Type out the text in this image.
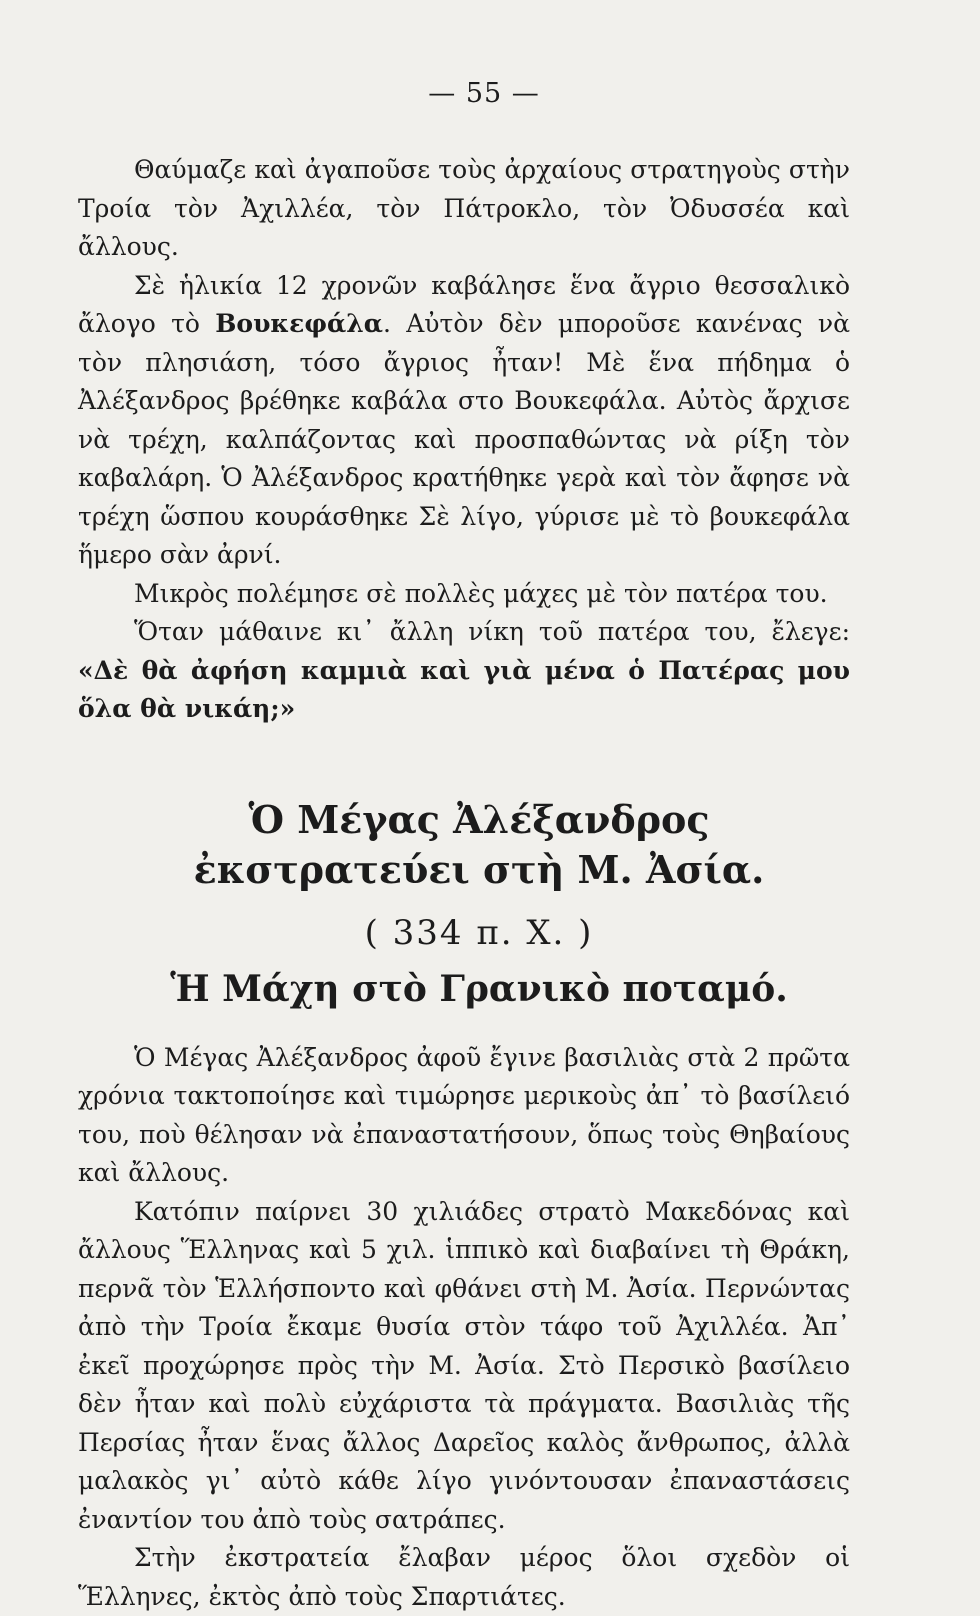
— 55 —

Θαύμαζε καὶ ἀγαποῦσε τοὺς ἀρχαίους στρατηγοὺς στὴν Τροία τὸν Ἀχιλλέα, τὸν Πάτροκλο, τὸν Ὀδυσσέα καὶ ἄλλους.

Σὲ ἡλικία 12 χρονῶν καβάλησε ἕνα ἄγριο θεσσαλικὸ ἄλογο τὸ Βουκεφάλα. Αὐτὸν δὲν μποροῦσε κανένας νὰ τὸν πλησιάση, τόσο ἄγριος ἦταν! Μὲ ἕνα πήδημα ὁ Ἀλέξανδρος βρέθηκε καβάλα στο Βουκεφάλα. Αὐτὸς ἄρχισε νὰ τρέχη, καλπάζοντας καὶ προσπαθώντας νὰ ρίξη τὸν καβαλάρη. Ὁ Ἀλέξανδρος κρατήθηκε γερὰ καὶ τὸν ἄφησε νὰ τρέχη ὥσπου κουράσθηκε Σὲ λίγο, γύρισε μὲ τὸ βουκεφάλα ἥμερο σὰν ἀρνί.

Μικρὸς πολέμησε σὲ πολλὲς μάχες μὲ τὸν πατέρα του.

Ὅταν μάθαινε κι᾿ ἄλλη νίκη τοῦ πατέρα του, ἔλεγε: «Δὲ θὰ ἀφήση καμμιὰ καὶ γιὰ μένα ὁ Πατέρας μου ὅλα θὰ νικάη;»

Ὁ Μέγας Ἀλέξανδρος
ἐκστρατεύει στὴ Μ. Ἀσία.
( 334 π. Χ. )
Ἡ Μάχη στὸ Γρανικὸ ποταμό.

Ὁ Μέγας Ἀλέξανδρος ἀφοῦ ἔγινε βασιλιὰς στὰ 2 πρῶτα χρόνια τακτοποίησε καὶ τιμώρησε μερικοὺς ἀπ᾿ τὸ βασίλειό του, ποὺ θέλησαν νὰ ἐπαναστατήσουν, ὅπως τοὺς Θηβαίους καὶ ἄλλους.

Κατόπιν παίρνει 30 χιλιάδες στρατὸ Μακεδόνας καὶ ἄλλους Ἕλληνας καὶ 5 χιλ. ἱππικὸ καὶ διαβαίνει τὴ Θράκη, περνᾶ τὸν Ἑλλήσποντο καὶ φθάνει στὴ Μ. Ἀσία. Περνώντας ἀπὸ τὴν Τροία ἔκαμε θυσία στὸν τάφο τοῦ Ἀχιλλέα. Ἀπ᾿ ἐκεῖ προχώρησε πρὸς τὴν Μ. Ἀσία. Στὸ Περσικὸ βασίλειο δὲν ἦταν καὶ πολὺ εὐχάριστα τὰ πράγματα. Βασιλιὰς τῆς Περσίας ἦταν ἕνας ἄλλος Δαρεῖος καλὸς ἄνθρωπος, ἀλλὰ μαλακὸς γι᾿ αὐτὸ κάθε λίγο γινόντουσαν ἐπαναστάσεις ἐναντίον του ἀπὸ τοὺς σατράπες.

Στὴν ἐκστρατεία ἔλαβαν μέρος ὅλοι σχεδὸν οἱ Ἕλληνες, ἐκτὸς ἀπὸ τοὺς Σπαρτιάτες.
